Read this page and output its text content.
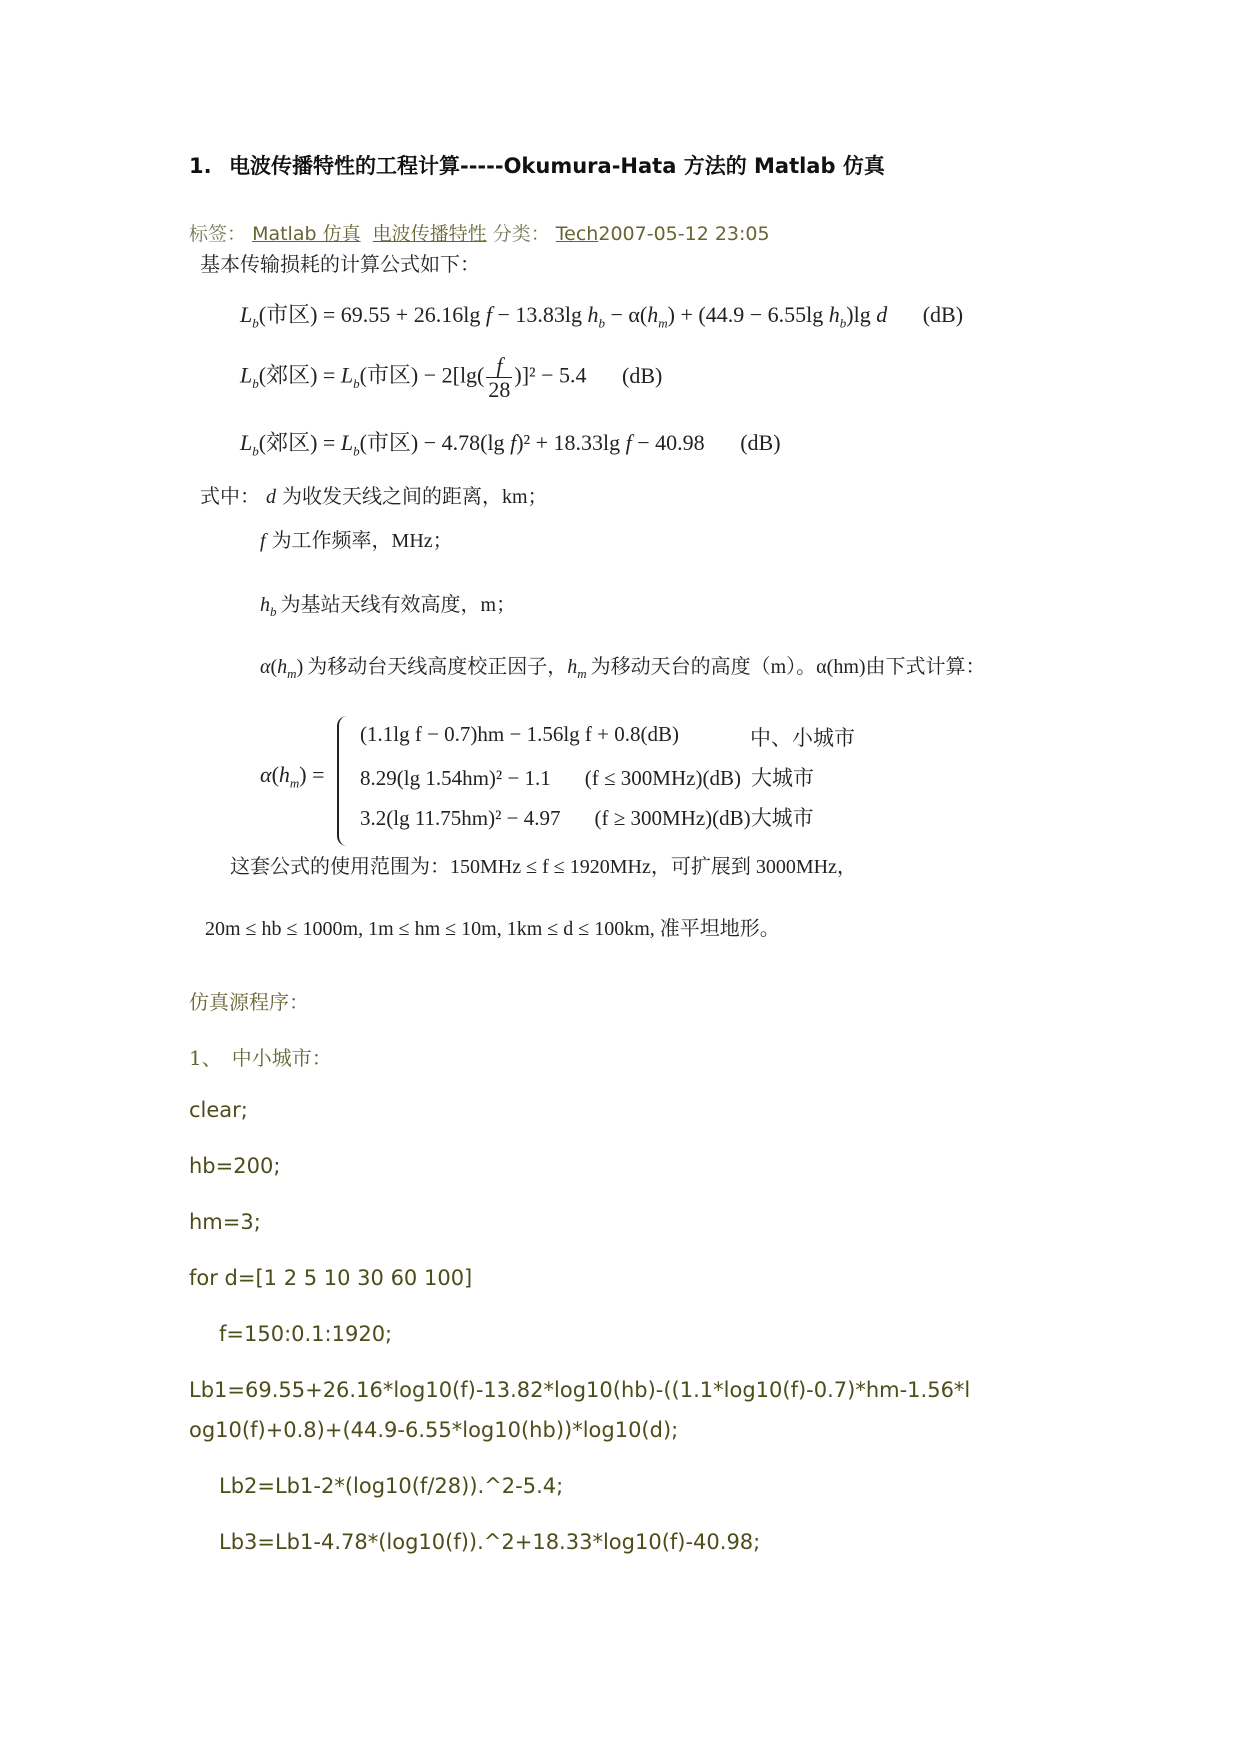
1. 电波传播特性的工程计算-----Okumura-Hata 方法的 Matlab 仿真
标签： Matlab 仿真 电波传播特性 分类： Tech2007-05-12 23:05
基本传输损耗的计算公式如下：
$L_b$(市区) = 69.55 + 26.16lg f − 13.83lg $h_b - \alpha(h_m) + (44.9 - 6.55\lg$ $h_b)\lg$ d (dB)
$L_b$(郊区) = $L_b$(市区) − $2[\lg( \frac{f}{28} )]^2 - 5.4$ (dB)
$L_b$(郊区) = $L_b$(市区) − 4.78(lg f)² + 18.33lg f − 40.98 (dB)
式中： d 为收发天线之间的距离，km；
f 为工作频率，MHz；
$h_b$ 为基站天线有效高度，m；
$\alpha(h_m)$ 为移动台天线高度校正因子，$h_m$ 为移动天台的高度（m）。α(hm)由下式计算：
$\alpha(h_m)$ =
(1.1lg f − 0.7)hm − 1.56lg f + 0.8(dB)	中、小城市
8.29(lg 1.54hm)² − 1.1 (f ≤ 300MHz)(dB) 大城市
3.2(lg 11.75hm)² − 4.97 (f ≥ 300MHz)(dB)大城市
这套公式的使用范围为：150MHz ≤ f ≤ 1920MHz，可扩展到 3000MHz，
20m ≤ hb ≤ 1000m, 1m ≤ hm ≤ 10m, 1km ≤ d ≤ 100km, 准平坦地形。
仿真源程序：
1、　中小城市：
clear;
hb=200;
hm=3;
for d=[1 2 5 10 30 60 100]
f=150:0.1:1920;
Lb1=69.55+26.16*log10(f)-13.82*log10(hb)-((1.1*log10(f)-0.7)*hm-1.56*l
og10(f)+0.8)+(44.9-6.55*log10(hb))*log10(d);
Lb2=Lb1-2*(log10(f/28)).^2-5.4;
Lb3=Lb1-4.78*(log10(f)).^2+18.33*log10(f)-40.98;
